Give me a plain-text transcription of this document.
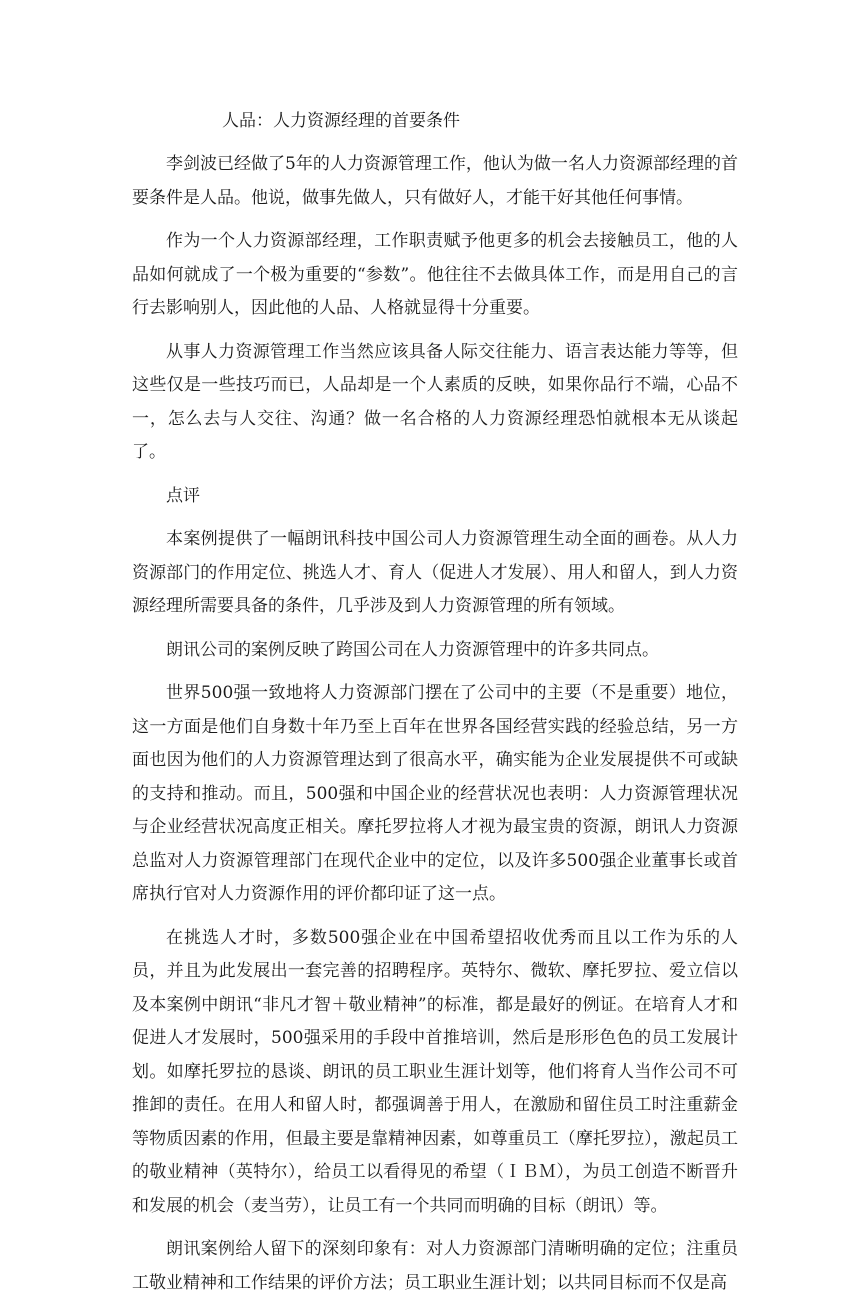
人品：人力资源经理的首要条件

李剑波已经做了5年的人力资源管理工作，他认为做一名人力资源部经理的首要条件是人品。他说，做事先做人，只有做好人，才能干好其他任何事情。

作为一个人力资源部经理，工作职责赋予他更多的机会去接触员工，他的人品如何就成了一个极为重要的“参数”。他往往不去做具体工作，而是用自己的言行去影响别人，因此他的人品、人格就显得十分重要。

从事人力资源管理工作当然应该具备人际交往能力、语言表达能力等等，但这些仅是一些技巧而已，人品却是一个人素质的反映，如果你品行不端，心品不一，怎么去与人交往、沟通？做一名合格的人力资源经理恐怕就根本无从谈起了。

点评

本案例提供了一幅朗讯科技中国公司人力资源管理生动全面的画卷。从人力资源部门的作用定位、挑选人才、育人（促进人才发展）、用人和留人，到人力资源经理所需要具备的条件，几乎涉及到人力资源管理的所有领域。

朗讯公司的案例反映了跨国公司在人力资源管理中的许多共同点。

世界500强一致地将人力资源部门摆在了公司中的主要（不是重要）地位，这一方面是他们自身数十年乃至上百年在世界各国经营实践的经验总结，另一方面也因为他们的人力资源管理达到了很高水平，确实能为企业发展提供不可或缺的支持和推动。而且，500强和中国企业的经营状况也表明：人力资源管理状况与企业经营状况高度正相关。摩托罗拉将人才视为最宝贵的资源，朗讯人力资源总监对人力资源管理部门在现代企业中的定位，以及许多500强企业董事长或首席执行官对人力资源作用的评价都印证了这一点。

在挑选人才时，多数500强企业在中国希望招收优秀而且以工作为乐的人员，并且为此发展出一套完善的招聘程序。英特尔、微软、摩托罗拉、爱立信以及本案例中朗讯“非凡才智＋敬业精神”的标准，都是最好的例证。在培育人才和促进人才发展时，500强采用的手段中首推培训，然后是形形色色的员工发展计划。如摩托罗拉的恳谈、朗讯的员工职业生涯计划等，他们将育人当作公司不可推卸的责任。在用人和留人时，都强调善于用人，在激励和留住员工时注重薪金等物质因素的作用，但最主要是靠精神因素，如尊重员工（摩托罗拉），激起员工的敬业精神（英特尔），给员工以看得见的希望（ＩＢＭ），为员工创造不断晋升和发展的机会（麦当劳），让员工有一个共同而明确的目标（朗讯）等。

朗讯案例给人留下的深刻印象有：对人力资源部门清晰明确的定位；注重员工敬业精神和工作结果的评价方法；员工职业生涯计划；以共同目标而不仅是高
